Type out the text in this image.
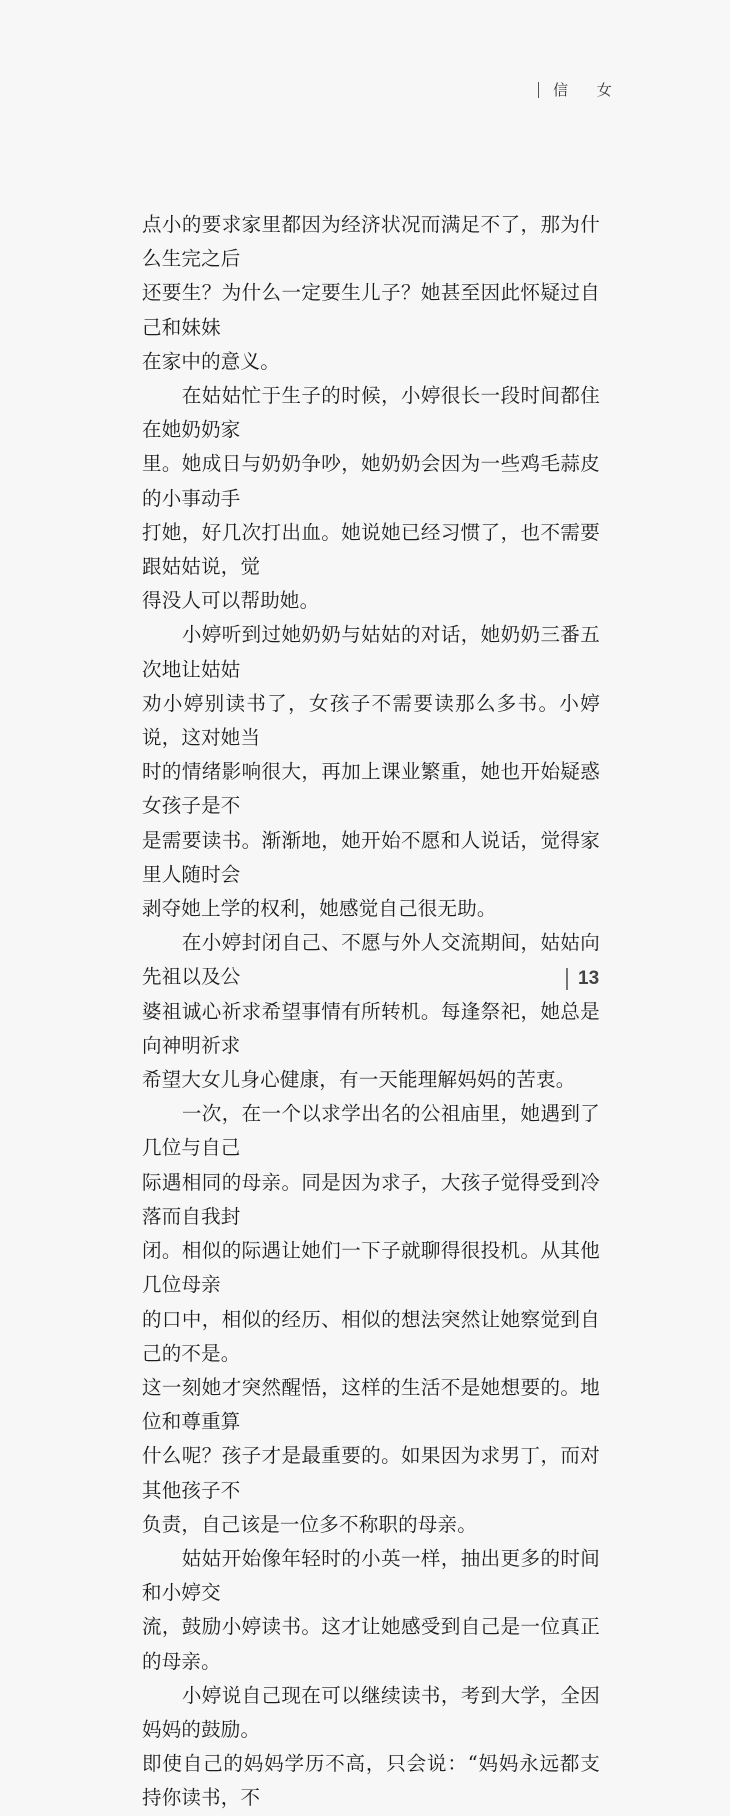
信 女

点小的要求家里都因为经济状况而满足不了，那为什么生完之后
还要生？为什么一定要生儿子？她甚至因此怀疑过自己和妹妹
在家中的意义。

　　在姑姑忙于生子的时候，小婷很长一段时间都住在她奶奶家
里。她成日与奶奶争吵，她奶奶会因为一些鸡毛蒜皮的小事动手
打她，好几次打出血。她说她已经习惯了，也不需要跟姑姑说，觉
得没人可以帮助她。

　　小婷听到过她奶奶与姑姑的对话，她奶奶三番五次地让姑姑
劝小婷别读书了，女孩子不需要读那么多书。小婷说，这对她当
时的情绪影响很大，再加上课业繁重，她也开始疑惑女孩子是不
是需要读书。渐渐地，她开始不愿和人说话，觉得家里人随时会
剥夺她上学的权利，她感觉自己很无助。

　　在小婷封闭自己、不愿与外人交流期间，姑姑向先祖以及公
婆祖诚心祈求希望事情有所转机。每逢祭祀，她总是向神明祈求
希望大女儿身心健康，有一天能理解妈妈的苦衷。

　　一次，在一个以求学出名的公祖庙里，她遇到了几位与自己
际遇相同的母亲。同是因为求子，大孩子觉得受到冷落而自我封
闭。相似的际遇让她们一下子就聊得很投机。从其他几位母亲
的口中，相似的经历、相似的想法突然让她察觉到自己的不是。
这一刻她才突然醒悟，这样的生活不是她想要的。地位和尊重算
什么呢？孩子才是最重要的。如果因为求男丁，而对其他孩子不
负责，自己该是一位多不称职的母亲。

　　姑姑开始像年轻时的小英一样，抽出更多的时间和小婷交
流，鼓励小婷读书。这才让她感受到自己是一位真正的母亲。

　　小婷说自己现在可以继续读书，考到大学，全因妈妈的鼓励。
即使自己的妈妈学历不高，只会说：“妈妈永远都支持你读书，不

13
